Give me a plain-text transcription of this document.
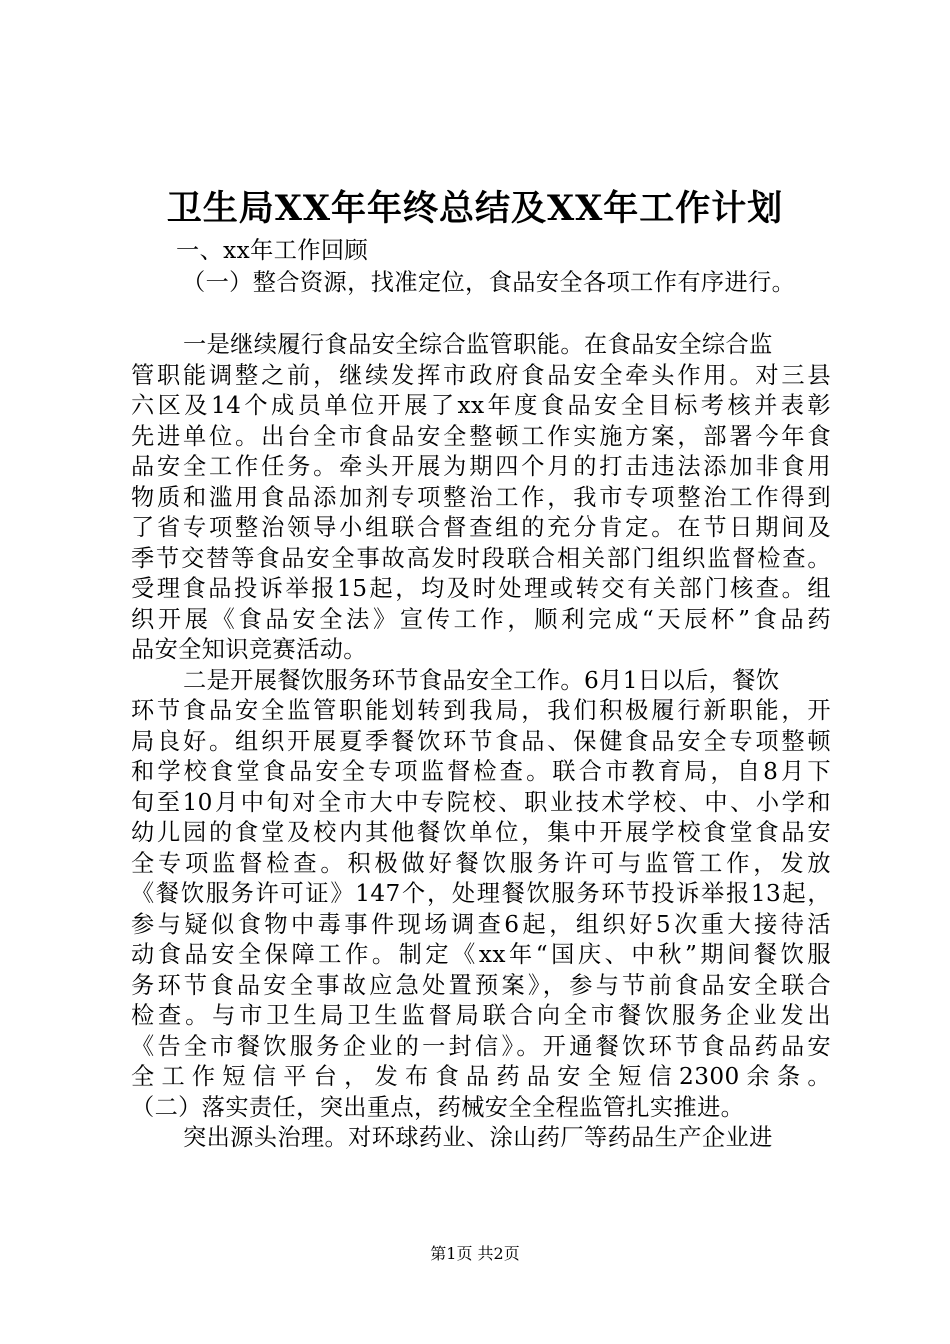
卫生局XX年年终总结及XX年工作计划
一、xx年工作回顾
（一）整合资源，找准定位，食品安全各项工作有序进行。
一是继续履行食品安全综合监管职能。在食品安全综合监
管职能调整之前，继续发挥市政府食品安全牵头作用。对三县
六区及14个成员单位开展了xx年度食品安全目标考核并表彰
先进单位。出台全市食品安全整顿工作实施方案，部署今年食
品安全工作任务。牵头开展为期四个月的打击违法添加非食用
物质和滥用食品添加剂专项整治工作，我市专项整治工作得到
了省专项整治领导小组联合督查组的充分肯定。在节日期间及
季节交替等食品安全事故高发时段联合相关部门组织监督检查。
受理食品投诉举报15起，均及时处理或转交有关部门核查。组
织开展《食品安全法》宣传工作，顺利完成“天辰杯”食品药
品安全知识竞赛活动。
二是开展餐饮服务环节食品安全工作。6月1日以后，餐饮
环节食品安全监管职能划转到我局，我们积极履行新职能，开
局良好。组织开展夏季餐饮环节食品、保健食品安全专项整顿
和学校食堂食品安全专项监督检查。联合市教育局，自8月下
旬至10月中旬对全市大中专院校、职业技术学校、中、小学和
幼儿园的食堂及校内其他餐饮单位，集中开展学校食堂食品安
全专项监督检查。积极做好餐饮服务许可与监管工作，发放
《餐饮服务许可证》147个，处理餐饮服务环节投诉举报13起，
参与疑似食物中毒事件现场调查6起，组织好5次重大接待活
动食品安全保障工作。制定《xx年“国庆、中秋”期间餐饮服
务环节食品安全事故应急处置预案》，参与节前食品安全联合
检查。与市卫生局卫生监督局联合向全市餐饮服务企业发出
《告全市餐饮服务企业的一封信》。开通餐饮环节食品药品安
全工作短信平台，发布食品药品安全短信2300余条。
（二）落实责任，突出重点，药械安全全程监管扎实推进。
突出源头治理。对环球药业、涂山药厂等药品生产企业进
第1页 共2页
